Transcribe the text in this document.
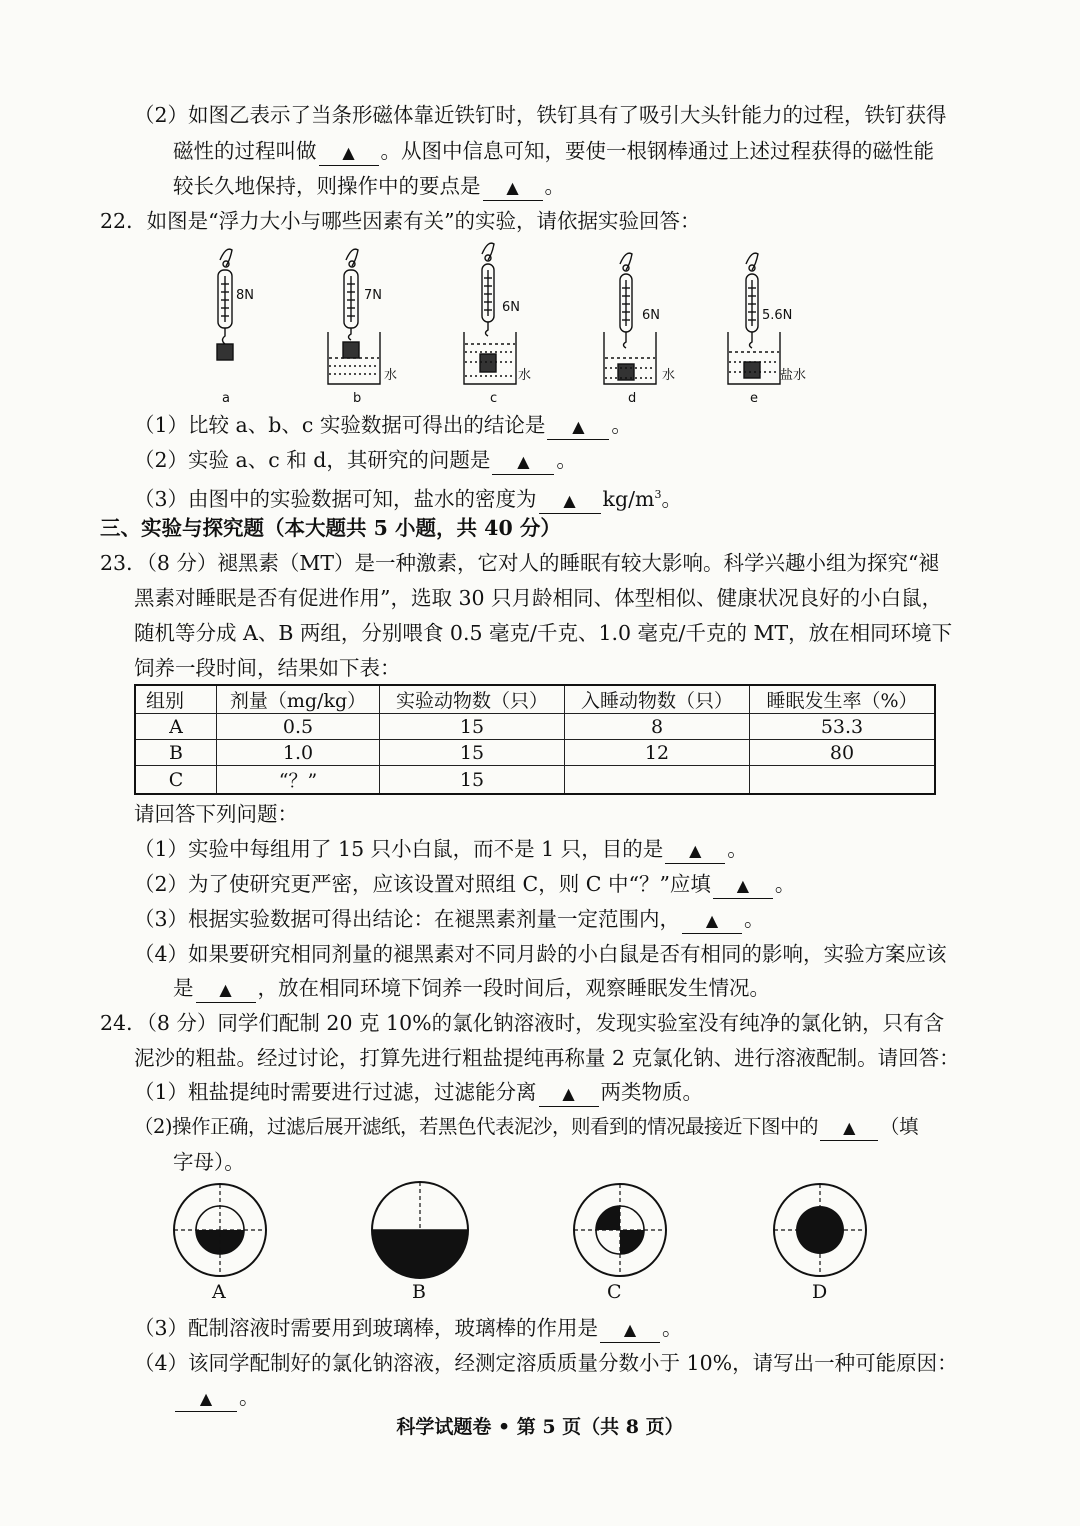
（2）如图乙表示了当条形磁体靠近铁钉时，铁钉具有了吸引大头针能力的过程，铁钉获得
磁性的过程叫做 ▲ 。从图中信息可知，要使一根钢棒通过上述过程获得的磁性能
较长久地保持，则操作中的要点是 ▲ 。
22．如图是“浮力大小与哪些因素有关”的实验，请依据实验回答：
8N	7N
6N
6N	5.6N
水	水	水	盐水
a	b	c	d	e
（1）比较 a、b、c 实验数据可得出的结论是 ▲ 。
（2）实验 a、c 和 d，其研究的问题是 ▲ 。
（3）由图中的实验数据可知，盐水的密度为 ▲ $kg/m^3$。
三、实验与探究题（本大题共 5 小题，共 40 分）
23．（8 分）褪黑素（MT）是一种激素，它对人的睡眠有较大影响。科学兴趣小组为探究“褪
黑素对睡眠是否有促进作用”，选取 30 只月龄相同、体型相似、健康状况良好的小白鼠，
随机等分成 A、B 两组，分别喂食 0.5 毫克/千克、1.0 毫克/千克的 MT，放在相同环境下
饲养一段时间，结果如下表：
组别	剂量（mg/kg）	实验动物数（只）	入睡动物数（只）	睡眠发生率（%）
A	0.5	15	8	53.3
B	1.0	15	12	80
C	“？”	15		
请回答下列问题：
（1）实验中每组用了 15 只小白鼠，而不是 1 只，目的是 ▲ 。
（2）为了使研究更严密，应该设置对照组 C，则 C 中“？”应填 ▲ 。
（3）根据实验数据可得出结论：在褪黑素剂量一定范围内， ▲ 。
（4）如果要研究相同剂量的褪黑素对不同月龄的小白鼠是否有相同的影响，实验方案应该
是 ▲ ，放在相同环境下饲养一段时间后，观察睡眠发生情况。
24．（8 分）同学们配制 20 克 10%的氯化钠溶液时，发现实验室没有纯净的氯化钠，只有含
泥沙的粗盐。经过讨论，打算先进行粗盐提纯再称量 2 克氯化钠、进行溶液配制。请回答：
（1）粗盐提纯时需要进行过滤，过滤能分离 ▲ 两类物质。
（2)操作正确，过滤后展开滤纸，若黑色代表泥沙，则看到的情况最接近下图中的 ▲ （填
字母）。
A	B	C	D
（3）配制溶液时需要用到玻璃棒，玻璃棒的作用是 ▲ 。
（4）该同学配制好的氯化钠溶液，经测定溶质质量分数小于 10%，请写出一种可能原因：
▲ 。
科学试题卷 • 第 5 页（共 8 页）
